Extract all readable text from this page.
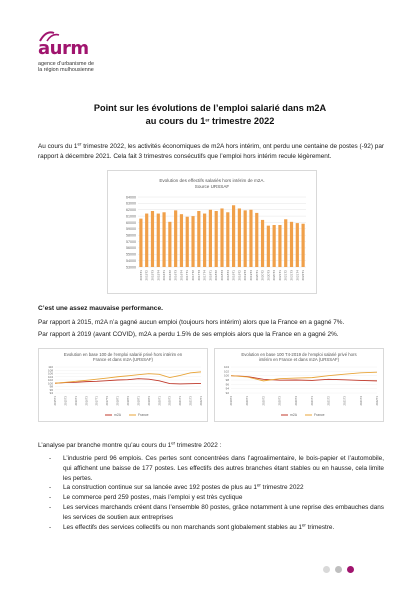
aurm
agence d’urbanisme de
la région mulhousienne
Point sur les évolutions de l’emploi salarié dans m2A
au cours du 1er trimestre 2022
Au cours du 1er trimestre 2022, les activités économiques de m2A hors intérim, ont perdu une centaine de postes (-92) par rapport à décembre 2021. Cela fait 3 trimestres consécutifs que l’emploi hors intérim recule légèrement.
Evolution des effectifs salariés hors intérim de m2A. Source URSSAF
53000
54000
55000
56000
57000
58000
59000
60000
61000
62000
63000
64000
2015T1 2015T2 2015T3 2015T4 2016T1 2016T2 2016T3 2016T4 2017T1 2017T2 2017T3 2017T4 2018T1 2018T2 2018T3 2018T4 2019T1 2019T2 2019T3 2019T4 2020T1 2020T2 2020T3 2020T4 2021T1 2021T2 2021T3 2021T4 2022T1
C’est une assez mauvaise performance.
Par rapport à 2015, m2A n’a gagné aucun emploi (toujours hors intérim) alors que la France en a gagné 7%.
Par rapport à 2019 (avant COVID), m2A a perdu 1.5% de ses emplois alors que la France en a gagné 2%.
Evolution en base 100 de l’emploi salarié privé hors intérim en France et dans m2A (URSSAF)
94
96
98
100
102
104
106
108
110
2015T1 2015T3 2016T1 2016T3 2017T1 2017T3 2018T1 2018T3 2019T1 2019T3 2020T1 2020T3 2021T1 2021T3 2022T1
m2A	France
Evolution en base 100 T4-2019 de l’emploi salarié privé hors intérim en France et dans m2A (URSSAF)
92
94
96
98
100
102
104
2019T4	2020T1	2020T2	2020T3	2020T4	2021T1	2021T2	2021T3	2021T4	2022T1
m2A	France
L’analyse par branche montre qu’au cours du 1er trimestre 2022 :
- L’industrie perd 96 emplois. Ces pertes sont concentrées dans l’agroalimentaire, le bois-papier et l’automobile, qui affichent une baisse de 177 postes. Les effectifs des autres branches étant stables ou en hausse, cela limite les pertes.
- La construction continue sur sa lancée avec 192 postes de plus au 1er trimestre 2022
- Le commerce perd 259 postes, mais l’emploi y est très cyclique
- Les services marchands créent dans l’ensemble 80 postes, grâce notamment à une reprise des embauches dans les services de soutien aux entreprises
- Les effectifs des services collectifs ou non marchands sont globalement stables au 1er trimestre.
